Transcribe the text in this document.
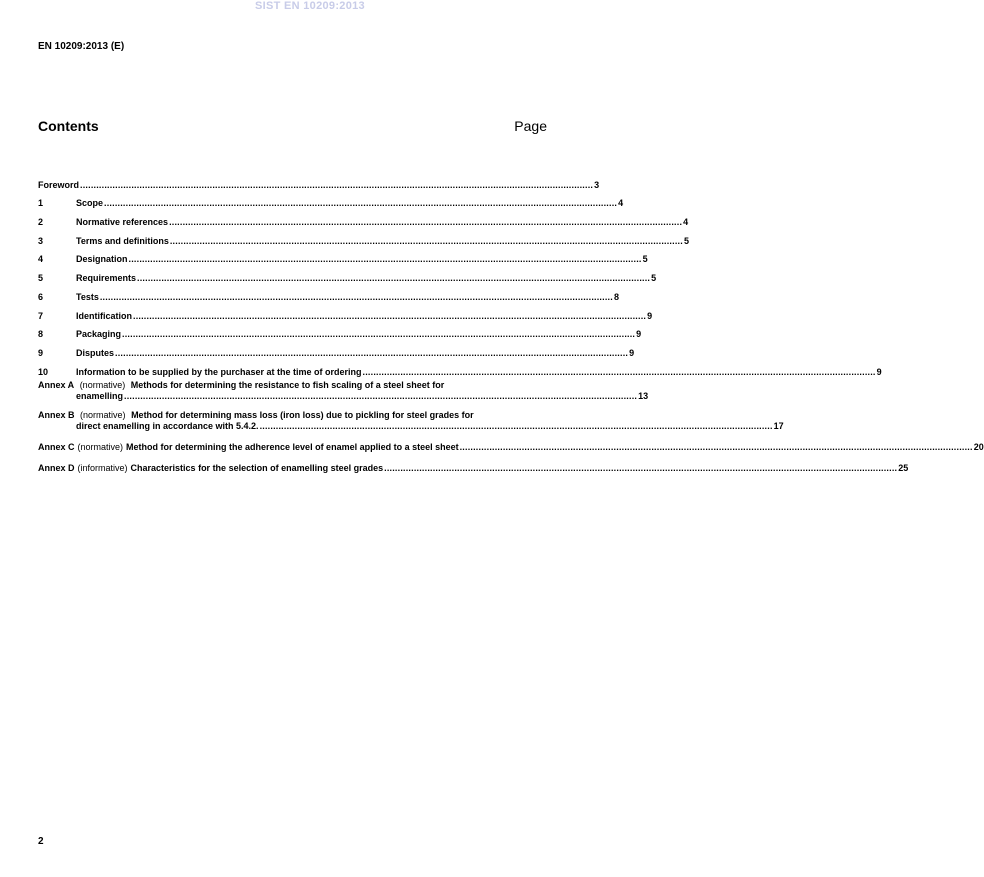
SIST EN 10209:2013
EN 10209:2013 (E)
Contents	Page
Foreword .............................................................................................................................................................................................. 3
1	Scope .............................................................................................................................................................................................. 4
2	Normative references .............................................................................................................................................................................................. 4
3	Terms and definitions .............................................................................................................................................................................................. 5
4	Designation .............................................................................................................................................................................................. 5
5	Requirements .............................................................................................................................................................................................. 5
6	Tests .............................................................................................................................................................................................. 8
7	Identification .............................................................................................................................................................................................. 9
8	Packaging .............................................................................................................................................................................................. 9
9	Disputes .............................................................................................................................................................................................. 9
10	Information to be supplied by the purchaser at the time of ordering .............................................................................................................................................................................................. 9
Annex A (normative) Methods for determining the resistance to fish scaling of a steel sheet for
enamelling .............................................................................................................................................................................................. 13
Annex B (normative) Method for determining mass loss (iron loss) due to pickling for steel grades for
direct enamelling in accordance with 5.4.2. .............................................................................................................................................................................................. 17
Annex C (normative) Method for determining the adherence level of enamel applied to a steel sheet .............................................................................................................................................................................................. 20
Annex D (informative) Characteristics for the selection of enamelling steel grades .............................................................................................................................................................................................. 25
2
